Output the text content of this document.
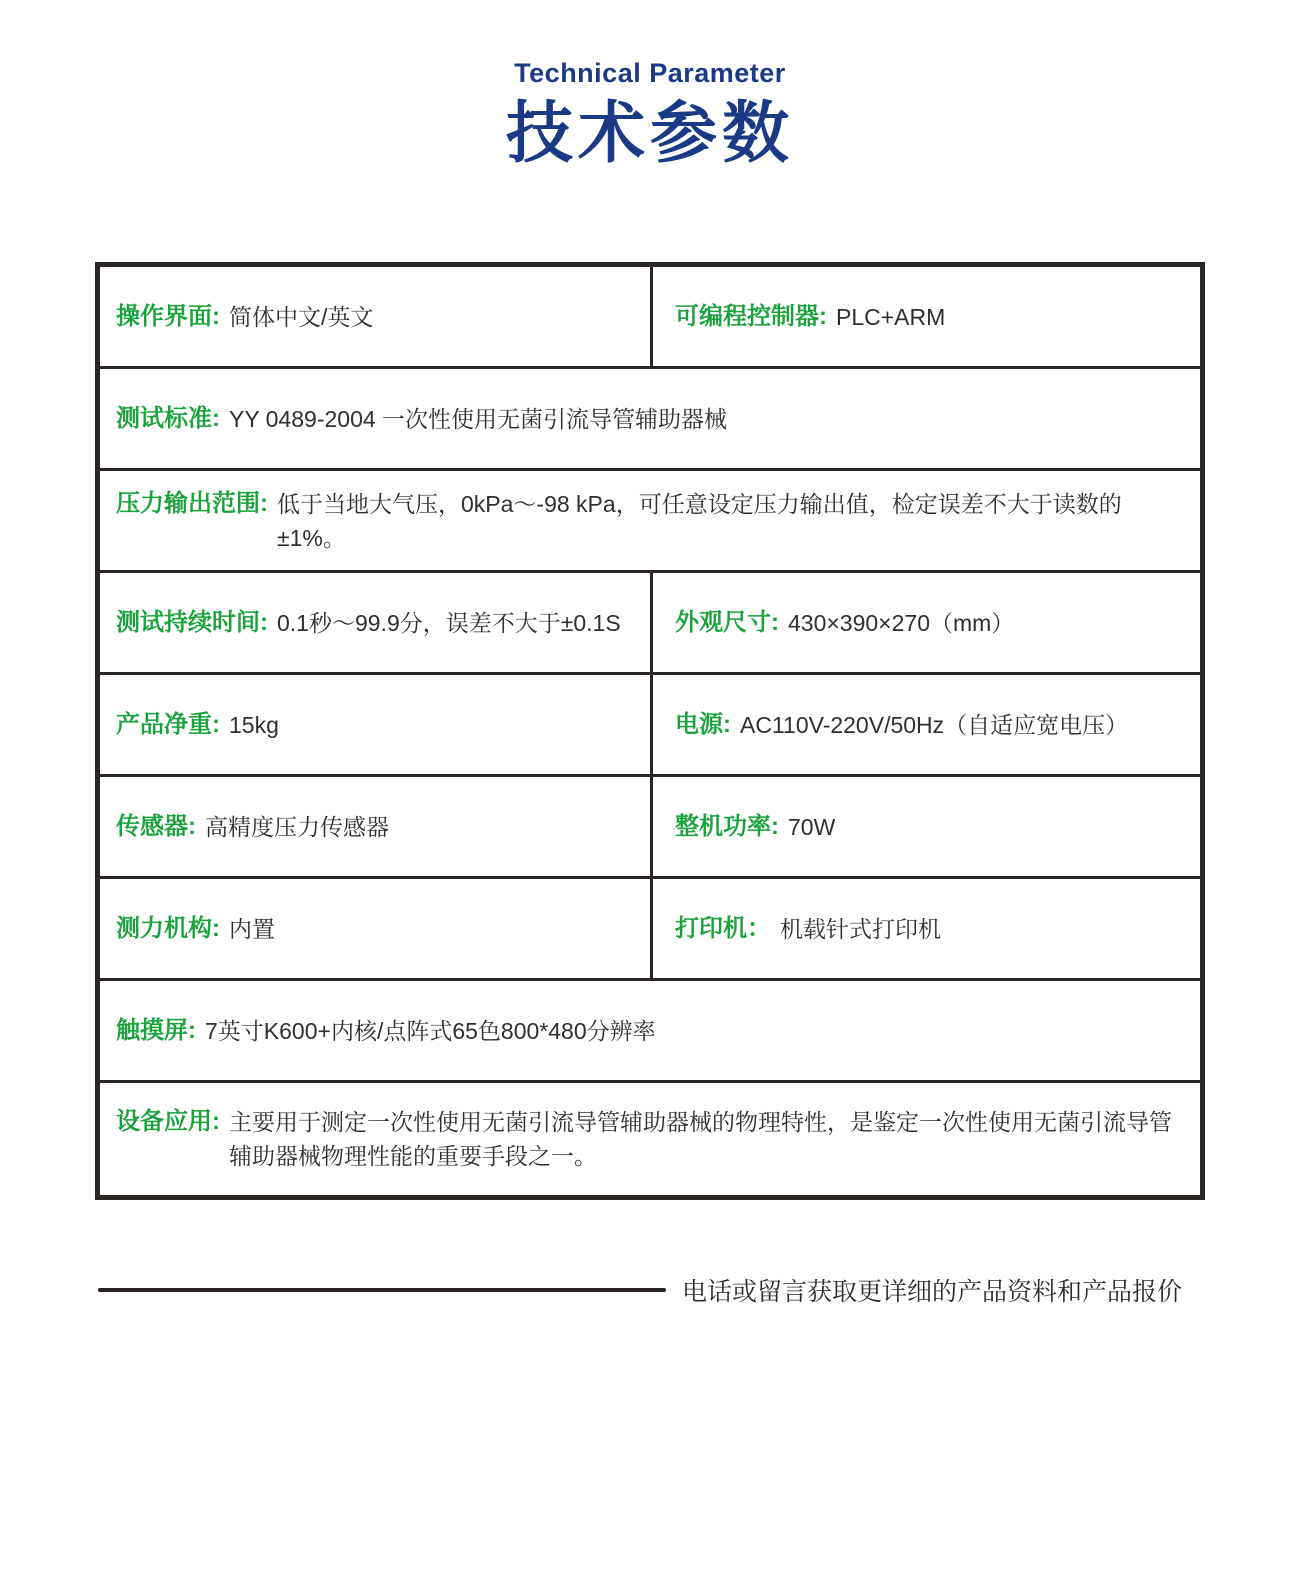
Technical Parameter
技术参数
操作界面: 简体中文/英文	可编程控制器: PLC+ARM
测试标准: YY 0489-2004 一次性使用无菌引流导管辅助器械
压力输出范围: 低于当地大气压，0kPa～-98 kPa，可任意设定压力输出值，检定误差不大于读数的±1%。
测试持续时间: 0.1秒～99.9分，误差不大于±0.1S 外观尺寸: 430×390×270（mm）
产品净重: 15kg	电源: AC110V-220V/50Hz（自适应宽电压）
传感器: 高精度压力传感器	整机功率: 70W
测力机构: 内置	打印机： 机载针式打印机
触摸屏: 7英寸K600+内核/点阵式65色800*480分辨率
设备应用: 主要用于测定一次性使用无菌引流导管辅助器械的物理特性，是鉴定一次性使用无菌引流导管辅助器械物理性能的重要手段之一。
电话或留言获取更详细的产品资料和产品报价
